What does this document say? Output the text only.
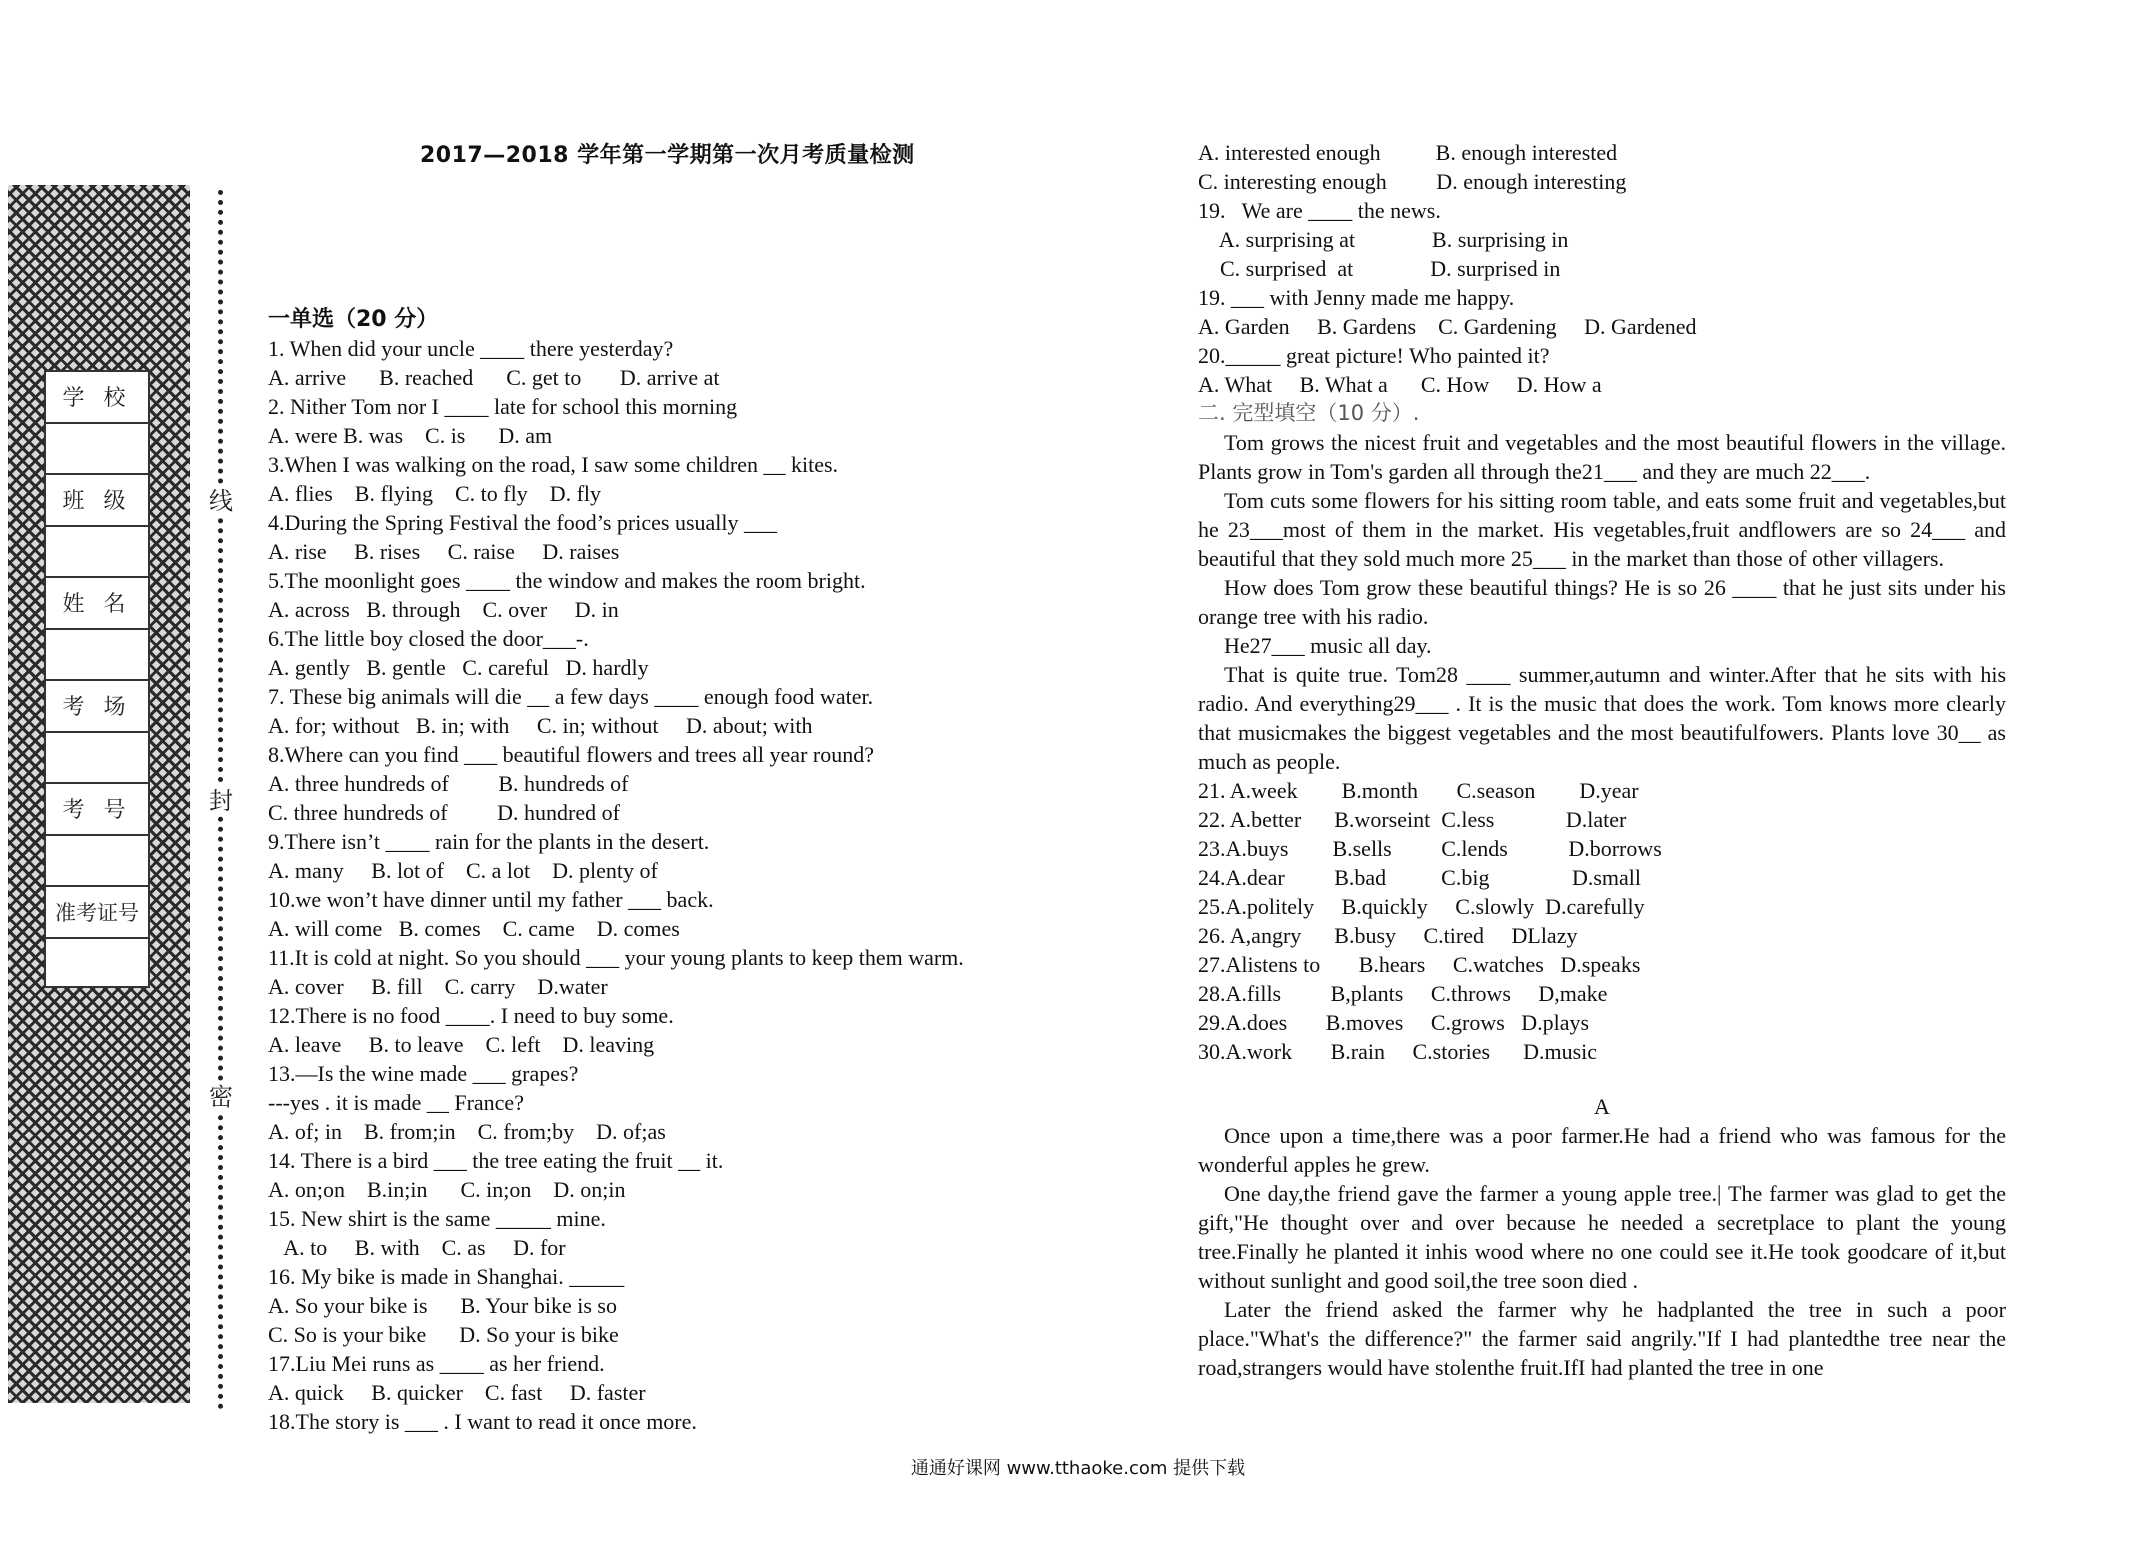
学 校
班 级
姓 名
考 场
考 号
准考证号
线
封
密
2017—2018 学年第一学期第一次月考质量检测
一单选（20 分）
1. When did your uncle ____ there yesterday?
A. arrive      B. reached      C. get to       D. arrive at
2. Nither Tom nor I ____ late for school this morning
A. were B. was    C. is      D. am
3.When I was walking on the road, I saw some children __ kites.
A. flies    B. flying    C. to fly    D. fly
4.During the Spring Festival the food’s prices usually ___
A. rise     B. rises     C. raise     D. raises
5.The moonlight goes ____ the window and makes the room bright.
A. across   B. through    C. over     D. in
6.The little boy closed the door___-.
A. gently   B. gentle   C. careful   D. hardly
7. These big animals will die __ a few days ____ enough food water.
A. for; without   B. in; with     C. in; without     D. about; with
8.Where can you find ___ beautiful flowers and trees all year round?
A. three hundreds of         B. hundreds of
C. three hundreds of         D. hundred of
9.There isn’t ____ rain for the plants in the desert.
A. many     B. lot of    C. a lot    D. plenty of
10.we won’t have dinner until my father ___ back.
A. will come   B. comes    C. came    D. comes
11.It is cold at night. So you should ___ your young plants to keep them warm.
A. cover     B. fill    C. carry    D.water
12.There is no food ____. I need to buy some.
A. leave     B. to leave    C. left    D. leaving
13.—Is the wine made ___ grapes?
---yes . it is made __ France?
A. of; in    B. from;in    C. from;by    D. of;as
14. There is a bird ___ the tree eating the fruit __ it.
A. on;on    B.in;in      C. in;on    D. on;in
15. New shirt is the same _____ mine.
A. to     B. with    C. as     D. for
16. My bike is made in Shanghai. _____
A. So your bike is      B. Your bike is so
C. So is your bike      D. So your is bike
17.Liu Mei runs as ____ as her friend.
A. quick     B. quicker    C. fast     D. faster
18.The story is ___ . I want to read it once more.
A. interested enough          B. enough interested
C. interesting enough         D. enough interesting
19.   We are ____ the news.
A. surprising at              B. surprising in
C. surprised  at              D. surprised in
19. ___ with Jenny made me happy.
A. Garden     B. Gardens    C. Gardening     D. Gardened
20._____ great picture! Who painted it?
A. What     B. What a      C. How     D. How a
二. 完型填空（10 分）.
Tom grows the nicest fruit and vegetables and the most beautiful flowers in the village. Plants grow in Tom's garden all through the21___ and they are much 22___.
Tom cuts some flowers for his sitting room table, and eats some fruit and vegetables,but he 23___most of them in the market. His vegetables,fruit andflowers are so 24___ and beautiful that they sold much more 25___ in the market than those of other villagers.
How does Tom grow these beautiful things? He is so 26 ____ that he just sits under his orange tree with his radio.
He27___ music all day.
That is quite true. Tom28 ____ summer,autumn and winter.After that he sits with his radio. And everything29___ . It is the music that does the work. Tom knows more clearly that musicmakes the biggest vegetables and the most beautifulfowers. Plants love 30__ as much as people.
21. A.week        B.month       C.season        D.year
22. A.better      B.worseint  C.less             D.later
23.A.buys        B.sells         C.lends           D.borrows
24.A.dear         B.bad          C.big               D.small
25.A.politely     B.quickly     C.slowly  D.carefully
26. A,angry      B.busy     C.tired     DLlazy
27.Alistens to       B.hears     C.watches   D.speaks
28.A.fills         B,plants     C.throws     D,make
29.A.does       B.moves     C.grows   D.plays
30.A.work       B.rain     C.stories      D.music
A
Once upon a time,there was a poor farmer.He had a friend who was famous for the wonderful apples he grew.
One day,the friend gave the farmer a young apple tree.| The farmer was glad to get the gift,"He thought over and over because he needed a secretplace to plant the young tree.Finally he planted it inhis wood where no one could see it.He took goodcare of it,but without sunlight and good soil,the tree soon died .
Later the friend asked the farmer why he hadplanted the tree in such a poor place."What's the difference?" the farmer said angrily."If I had plantedthe tree near the road,strangers would have stolenthe fruit.IfI had planted the tree in one
通通好课网 www.tthaoke.com 提供下载
